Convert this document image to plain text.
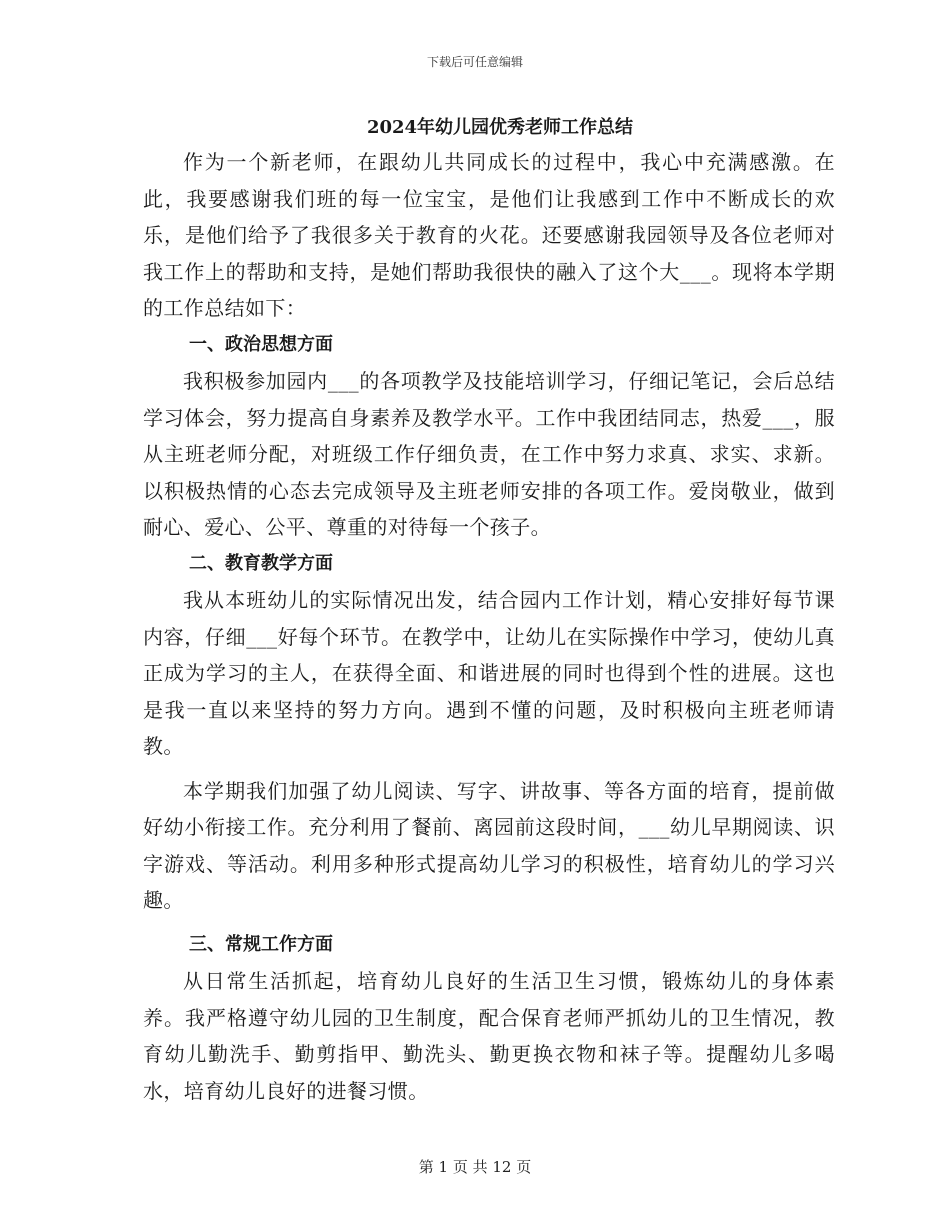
下载后可任意编辑
2024年幼儿园优秀老师工作总结

作为一个新老师，在跟幼儿共同成长的过程中，我心中充满感激。在此，我要感谢我们班的每一位宝宝，是他们让我感到工作中不断成长的欢乐，是他们给予了我很多关于教育的火花。还要感谢我园领导及各位老师对我工作上的帮助和支持，是她们帮助我很快的融入了这个大___。现将本学期的工作总结如下：

一、政治思想方面

我积极参加园内___的各项教学及技能培训学习，仔细记笔记，会后总结学习体会，努力提高自身素养及教学水平。工作中我团结同志，热爱___，服从主班老师分配，对班级工作仔细负责，在工作中努力求真、求实、求新。以积极热情的心态去完成领导及主班老师安排的各项工作。爱岗敬业，做到耐心、爱心、公平、尊重的对待每一个孩子。

二、教育教学方面

我从本班幼儿的实际情况出发，结合园内工作计划，精心安排好每节课内容，仔细___好每个环节。在教学中，让幼儿在实际操作中学习，使幼儿真正成为学习的主人，在获得全面、和谐进展的同时也得到个性的进展。这也是我一直以来坚持的努力方向。遇到不懂的问题，及时积极向主班老师请教。

本学期我们加强了幼儿阅读、写字、讲故事、等各方面的培育，提前做好幼小衔接工作。充分利用了餐前、离园前这段时间，___幼儿早期阅读、识字游戏、等活动。利用多种形式提高幼儿学习的积极性，培育幼儿的学习兴趣。

三、常规工作方面

从日常生活抓起，培育幼儿良好的生活卫生习惯，锻炼幼儿的身体素养。我严格遵守幼儿园的卫生制度，配合保育老师严抓幼儿的卫生情况，教育幼儿勤洗手、勤剪指甲、勤洗头、勤更换衣物和袜子等。提醒幼儿多喝水，培育幼儿良好的进餐习惯。

第 1 页 共 12 页
